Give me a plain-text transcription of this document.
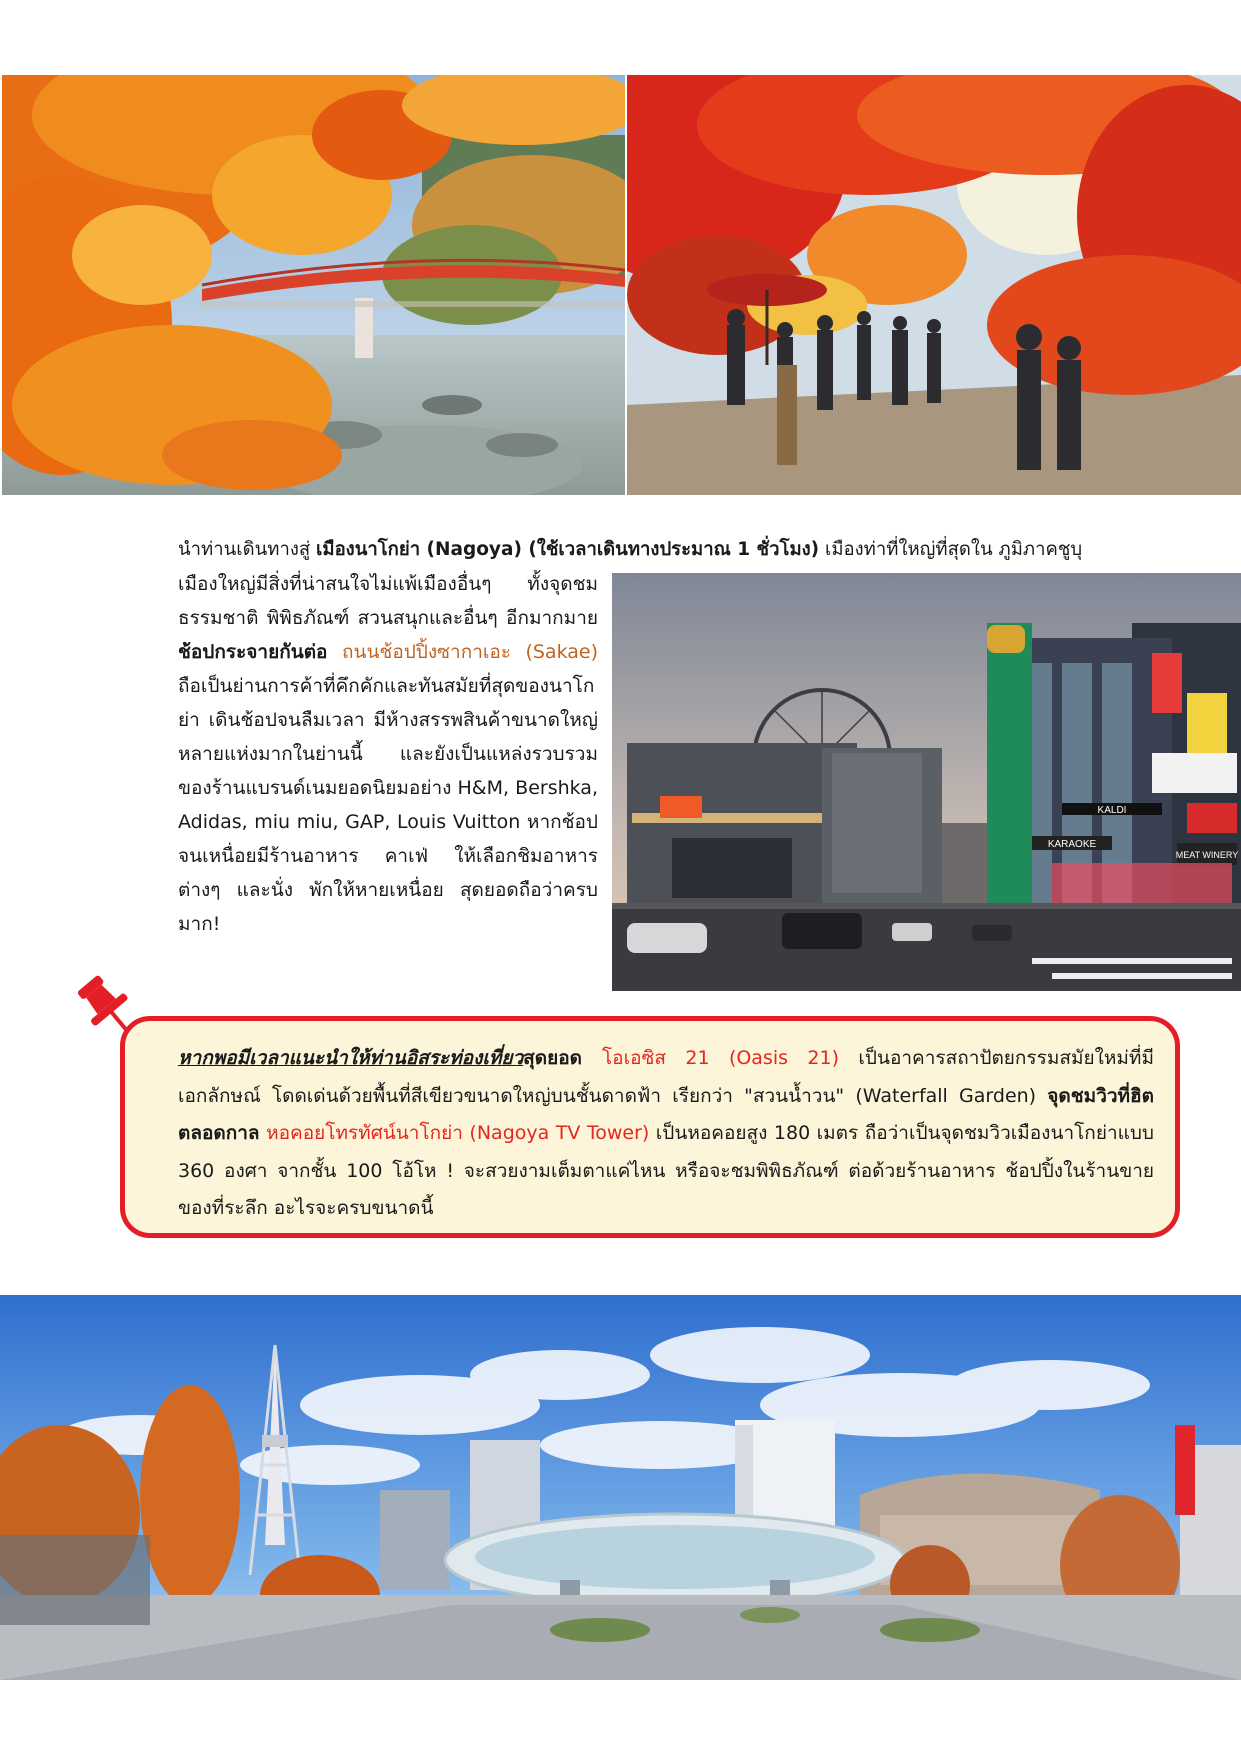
นำท่านเดินทางสู่ เมืองนาโกย่า (Nagoya) (ใช้เวลาเดินทางประมาณ 1 ชั่วโมง) เมืองท่าที่ใหญ่ที่สุดใน ภูมิภาคชูบุ
เมืองใหญ่มีสิ่งที่น่าสนใจไม่แพ้เมืองอื่นๆ ทั้งจุดชมธรรมชาติ พิพิธภัณฑ์ สวนสนุกและอื่นๆ อีกมากมาย ช้อปกระจายกันต่อ ถนนช้อปปิ้งซากาเอะ (Sakae) ถือเป็นย่านการค้าที่คึกคักและทันสมัยที่สุดของนาโกย่า เดินช้อปจนลืมเวลา มีห้างสรรพสินค้าขนาดใหญ่หลายแห่งมากในย่านนี้ และยังเป็นแหล่งรวบรวมของร้านแบรนด์เนมยอดนิยมอย่าง H&M, Bershka, Adidas, miu miu, GAP, Louis Vuitton หากช้อปจนเหนื่อยมีร้านอาหาร คาเฟ่ ให้เลือกชิมอาหารต่างๆ และนั่ง พักให้หายเหนื่อย สุดยอดถือว่าครบมาก!
KALDI
KARAOKE
MEAT WINERY
หากพอมีเวลาแนะนำให้ท่านอิสระท่องเที่ยวสุดยอด โอเอซิส 21 (Oasis 21) เป็นอาคารสถาปัตยกรรมสมัยใหม่ที่มีเอกลักษณ์ โดดเด่นด้วยพื้นที่สีเขียวขนาดใหญ่บนชั้นดาดฟ้า เรียกว่า "สวนน้ำวน" (Waterfall Garden) จุดชมวิวที่ฮิตตลอดกาล หอคอยโทรทัศน์นาโกย่า (Nagoya TV Tower) เป็นหอคอยสูง 180 เมตร ถือว่าเป็นจุดชมวิวเมืองนาโกย่าแบบ 360 องศา จากชั้น 100 โอ้โห ! จะสวยงามเต็มตาแค่ไหน หรือจะชมพิพิธภัณฑ์ ต่อด้วยร้านอาหาร ช้อปปิ้งในร้านขายของที่ระลึก อะไรจะครบขนาดนี้
